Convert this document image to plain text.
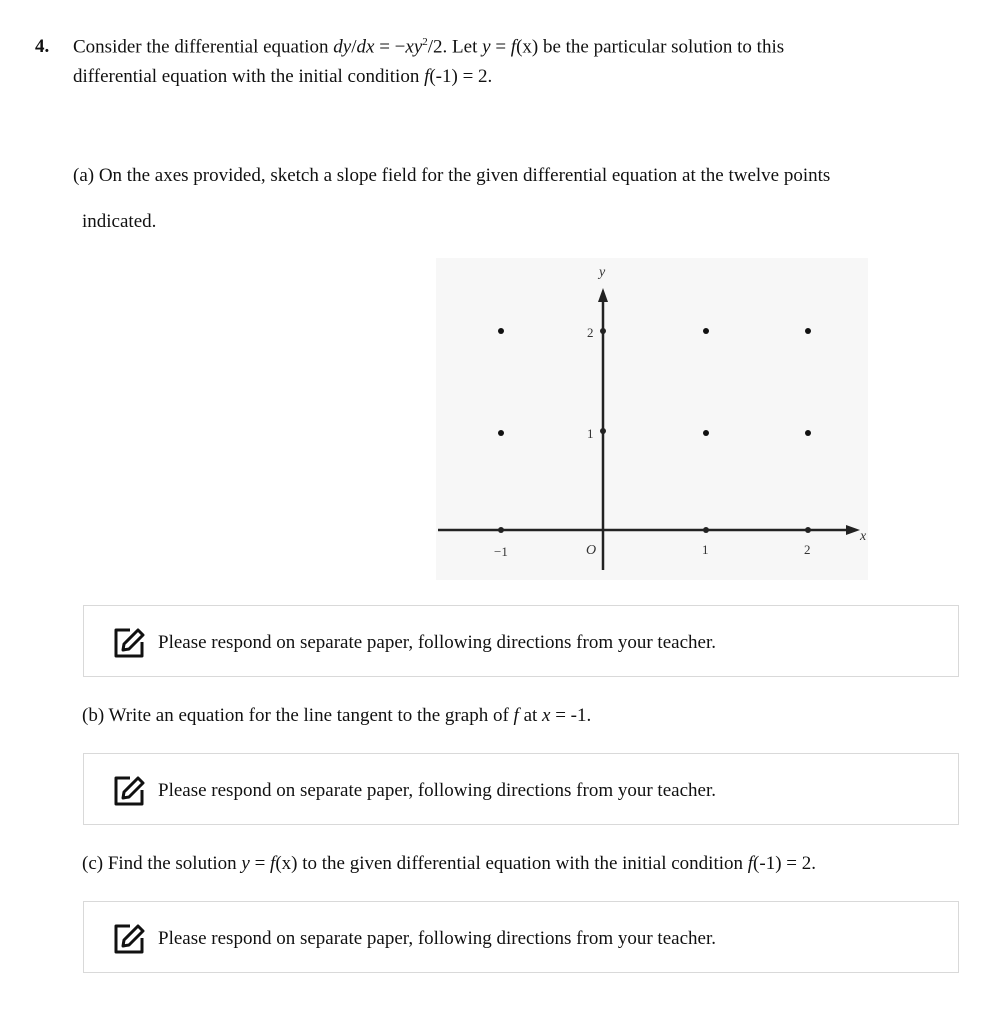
4. Consider the differential equation $dy/dx = -xy^2/2$. Let y = f(x) be the particular solution to this
differential equation with the initial condition f(-1) = 2.
(a) On the axes provided, sketch a slope field for the given differential equation at the twelve points
indicated.
x
y
−1	O	1	2
1
2
Please respond on separate paper, following directions from your teacher.
(b) Write an equation for the line tangent to the graph of f at x = -1.
Please respond on separate paper, following directions from your teacher.
(c) Find the solution y = f(x) to the given differential equation with the initial condition f(-1) = 2.
Please respond on separate paper, following directions from your teacher.
